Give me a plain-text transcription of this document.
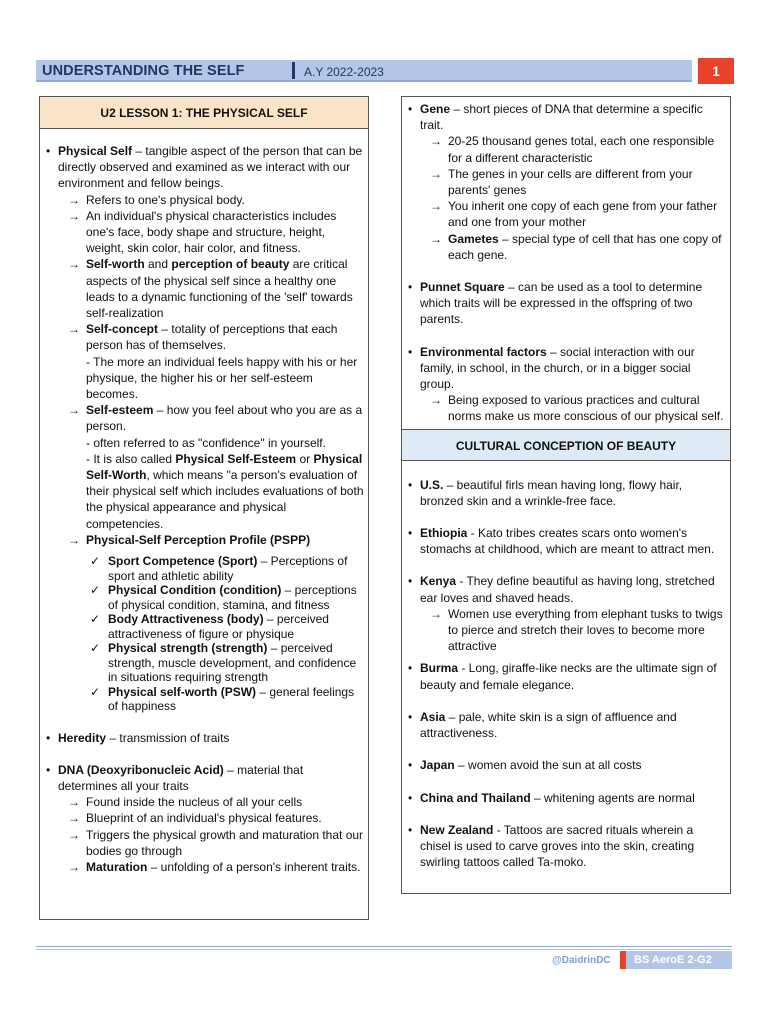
UNDERSTANDING THE SELF	A.Y 2022-2023	1
U2 LESSON 1: THE PHYSICAL SELF
• Physical Self – tangible aspect of the person that can be directly observed and examined as we interact with our environment and fellow beings.
→ Refers to one's physical body.
→ An individual's physical characteristics includes one's face, body shape and structure, height, weight, skin color, hair color, and fitness.
→ Self-worth and perception of beauty are critical aspects of the physical self since a healthy one leads to a dynamic functioning of the 'self' towards self-realization
→ Self-concept – totality of perceptions that each person has of themselves.
- The more an individual feels happy with his or her physique, the higher his or her self-esteem becomes.
→ Self-esteem – how you feel about who you are as a person.
- often referred to as "confidence" in yourself.
- It is also called Physical Self-Esteem or Physical Self-Worth, which means "a person's evaluation of their physical self which includes evaluations of both the physical appearance and physical competencies.
→ Physical-Self Perception Profile (PSPP)
✓ Sport Competence (Sport) – Perceptions of sport and athletic ability
✓ Physical Condition (condition) – perceptions of physical condition, stamina, and fitness
✓ Body Attractiveness (body) – perceived attractiveness of figure or physique
✓ Physical strength (strength) – perceived strength, muscle development, and confidence in situations requiring strength
✓ Physical self-worth (PSW) – general feelings of happiness
• Heredity – transmission of traits
• DNA (Deoxyribonucleic Acid) – material that determines all your traits
→ Found inside the nucleus of all your cells
→ Blueprint of an individual's physical features.
→ Triggers the physical growth and maturation that our bodies go through
→ Maturation – unfolding of a person's inherent traits.
• Gene – short pieces of DNA that determine a specific trait.
→ 20-25 thousand genes total, each one responsible for a different characteristic
→ The genes in your cells are different from your parents' genes
→ You inherit one copy of each gene from your father and one from your mother
→ Gametes – special type of cell that has one copy of each gene.
• Punnet Square – can be used as a tool to determine which traits will be expressed in the offspring of two parents.
• Environmental factors – social interaction with our family, in school, in the church, or in a bigger social group.
→ Being exposed to various practices and cultural norms make us more conscious of our physical self.
CULTURAL CONCEPTION OF BEAUTY
• U.S. – beautiful firls mean having long, flowy hair, bronzed skin and a wrinkle-free face.
• Ethiopia - Kato tribes creates scars onto women's stomachs at childhood, which are meant to attract men.
• Kenya - They define beautiful as having long, stretched ear loves and shaved heads.
→ Women use everything from elephant tusks to twigs to pierce and stretch their loves to become more attractive
• Burma - Long, giraffe-like necks are the ultimate sign of beauty and female elegance.
• Asia – pale, white skin is a sign of affluence and attractiveness.
• Japan – women avoid the sun at all costs
• China and Thailand – whitening agents are normal
• New Zealand - Tattoos are sacred rituals wherein a chisel is used to carve groves into the skin, creating swirling tattoos called Ta-moko.
@DaidrinDC BS AeroE 2-G2
